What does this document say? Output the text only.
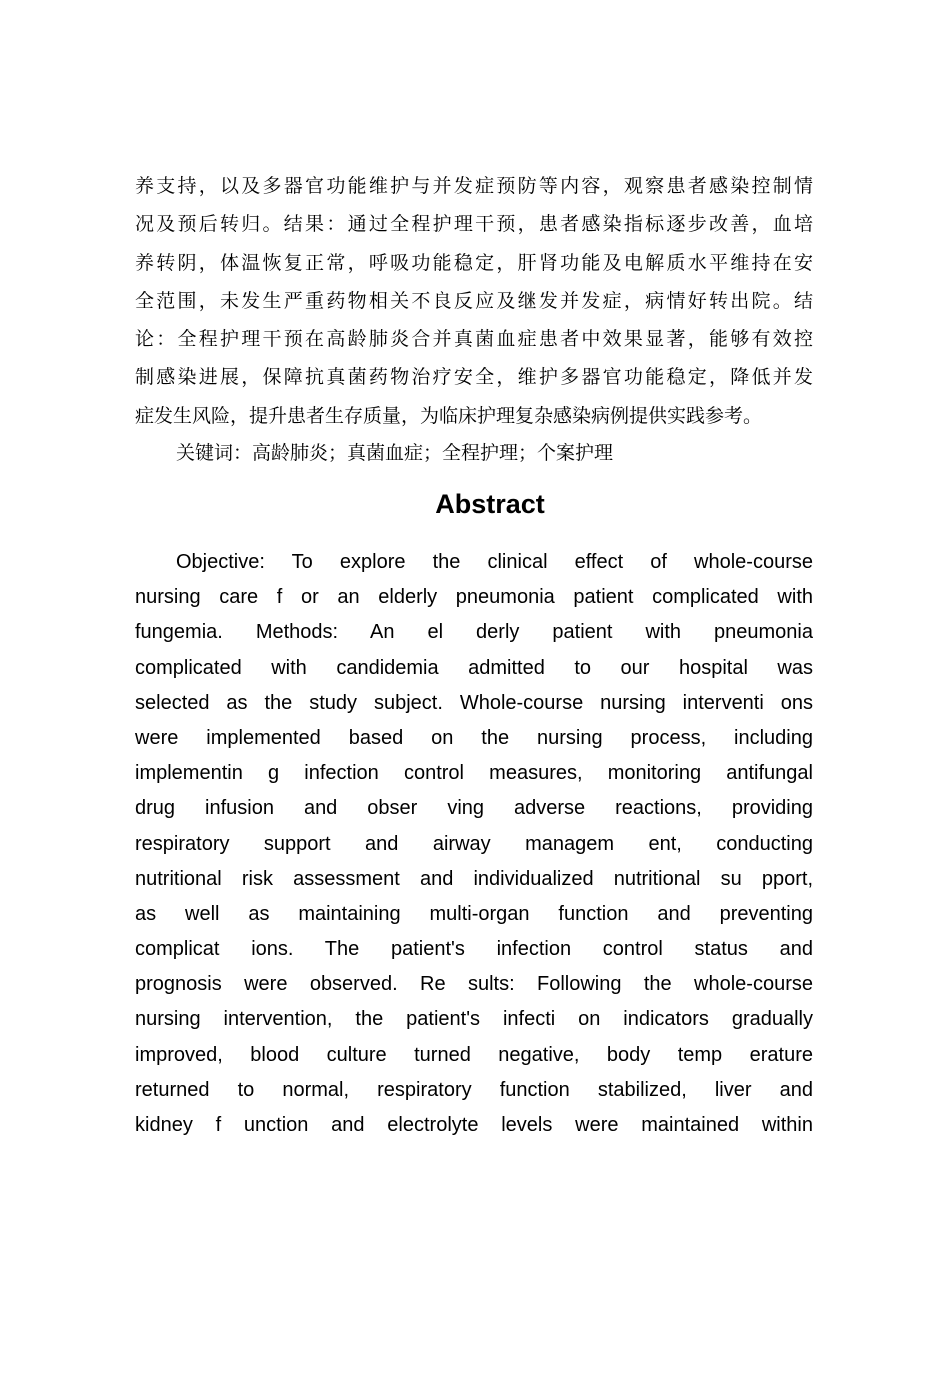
养支持，以及多器官功能维护与并发症预防等内容，观察患者感染控制情
况及预后转归。结果：通过全程护理干预，患者感染指标逐步改善，血培
养转阴，体温恢复正常，呼吸功能稳定，肝肾功能及电解质水平维持在安
全范围，未发生严重药物相关不良反应及继发并发症，病情好转出院。结
论：全程护理干预在高龄肺炎合并真菌血症患者中效果显著，能够有效控
制感染进展，保障抗真菌药物治疗安全，维护多器官功能稳定，降低并发
症发生风险，提升患者生存质量，为临床护理复杂感染病例提供实践参考。
关键词：高龄肺炎；真菌血症；全程护理；个案护理
Abstract
Objective: To explore the clinical effect of whole-course
nursing care f or an elderly pneumonia patient complicated with
fungemia. Methods: An el derly patient with pneumonia
complicated with candidemia admitted to our hospital was
selected as the study subject. Whole-course nursing interventi ons
were implemented based on the nursing process, including
implementin g infection control measures, monitoring antifungal
drug infusion and obser ving adverse reactions, providing
respiratory support and airway managem ent, conducting
nutritional risk assessment and individualized nutritional su pport,
as well as maintaining multi-organ function and preventing
complicat ions. The patient's infection control status and
prognosis were observed. Re sults: Following the whole-course
nursing intervention, the patient's infecti on indicators gradually
improved, blood culture turned negative, body temp erature
returned to normal, respiratory function stabilized, liver and
kidney f unction and electrolyte levels were maintained within
